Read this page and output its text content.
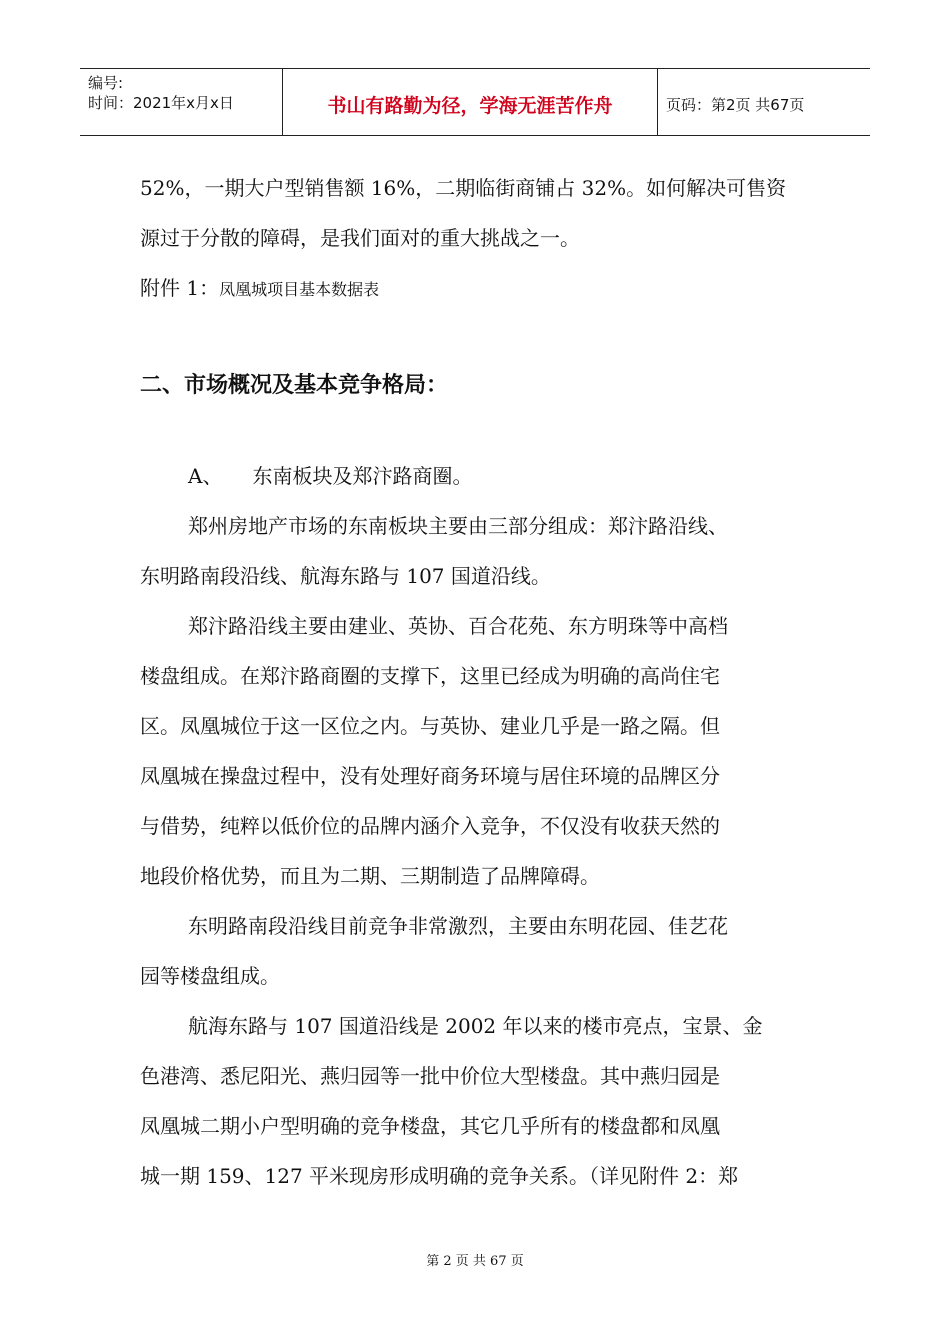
编号:
时间：2021年x月x日	书山有路勤为径，学海无涯苦作舟	页码：第2页 共67页
52%，一期大户型销售额 16%，二期临街商铺占 32%。如何解决可售资
源过于分散的障碍，是我们面对的重大挑战之一。
附件 1：凤凰城项目基本数据表
二、市场概况及基本竞争格局：
A、 东南板块及郑汴路商圈。
郑州房地产市场的东南板块主要由三部分组成：郑汴路沿线、
东明路南段沿线、航海东路与 107 国道沿线。
郑汴路沿线主要由建业、英协、百合花苑、东方明珠等中高档
楼盘组成。在郑汴路商圈的支撑下，这里已经成为明确的高尚住宅
区。凤凰城位于这一区位之内。与英协、建业几乎是一路之隔。但
凤凰城在操盘过程中，没有处理好商务环境与居住环境的品牌区分
与借势，纯粹以低价位的品牌内涵介入竞争，不仅没有收获天然的
地段价格优势，而且为二期、三期制造了品牌障碍。
东明路南段沿线目前竞争非常激烈，主要由东明花园、佳艺花
园等楼盘组成。
航海东路与 107 国道沿线是 2002 年以来的楼市亮点，宝景、金
色港湾、悉尼阳光、燕归园等一批中价位大型楼盘。其中燕归园是
凤凰城二期小户型明确的竞争楼盘，其它几乎所有的楼盘都和凤凰
城一期 159、127 平米现房形成明确的竞争关系。（详见附件 2：郑
第 2 页 共 67 页
